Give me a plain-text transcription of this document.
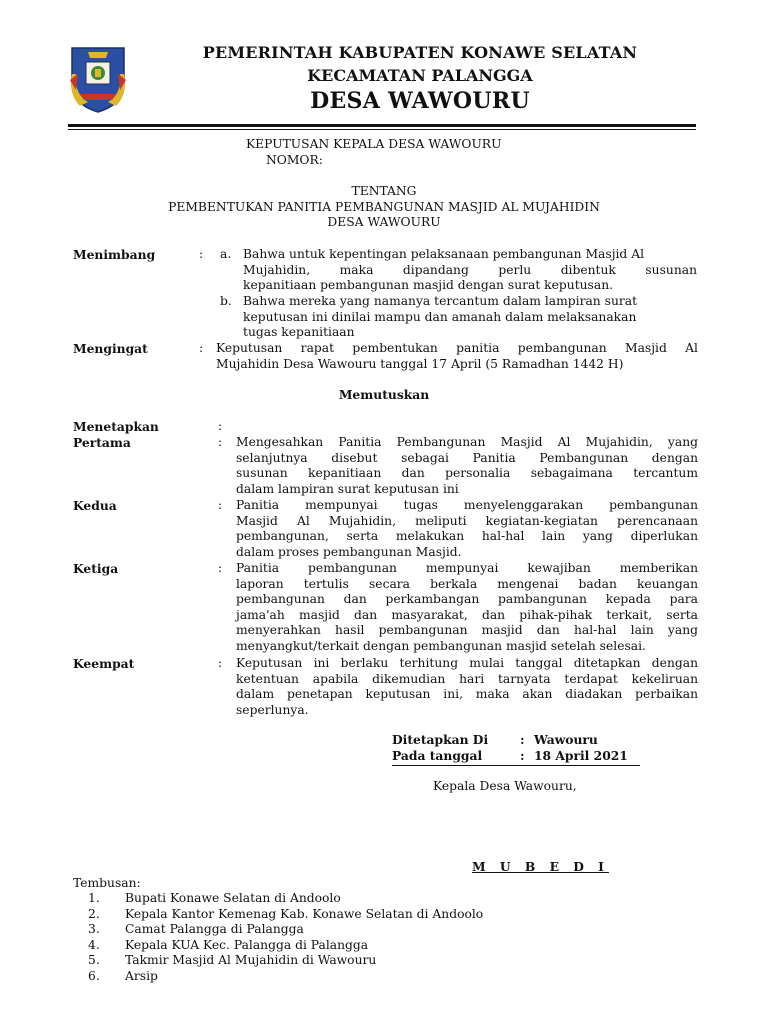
PEMERINTAH KABUPATEN KONAWE SELATAN
KECAMATAN PALANGGA
DESA WAWOURU
KEPUTUSAN KEPALA DESA WAWOURU
NOMOR:
TENTANG
PEMBENTUKAN PANITIA PEMBANGUNAN MASJID AL MUJAHIDIN
DESA WAWOURU
Menimbang	: a. Bahwa untuk kepentingan pelaksanaan pembangunan Masjid Al
Mujahidin, maka dipandang perlu dibentuk susunan
kepanitiaan pembangunan masjid dengan surat keputusan.
b. Bahwa mereka yang namanya tercantum dalam lampiran surat
keputusan ini dinilai mampu dan amanah dalam melaksanakan
tugas kepanitiaan
Mengingat	: Keputusan rapat pembentukan panitia pembangunan Masjid Al
Mujahidin Desa Wawouru tanggal 17 April (5 Ramadhan 1442 H)
Memutuskan
Menetapkan	:
Pertama	: Mengesahkan Panitia Pembangunan Masjid Al Mujahidin, yang
selanjutnya disebut sebagai Panitia Pembangunan dengan
susunan kepanitiaan dan personalia sebagaimana tercantum
dalam lampiran surat keputusan ini
Kedua	: Panitia mempunyai tugas menyelenggarakan pembangunan
Masjid Al Mujahidin, meliputi kegiatan-kegiatan perencanaan
pembangunan, serta melakukan hal-hal lain yang diperlukan
dalam proses pembangunan Masjid.
Ketiga	: Panitia pembangunan mempunyai kewajiban memberikan
laporan tertulis secara berkala mengenai badan keuangan
pembangunan dan perkambangan pambangunan kepada para
jama'ah masjid dan masyarakat, dan pihak-pihak terkait, serta
menyerahkan hasil pembangunan masjid dan hal-hal lain yang
menyangkut/terkait dengan pembangunan masjid setelah selesai.
Keempat	: Keputusan ini berlaku terhitung mulai tanggal ditetapkan dengan
ketentuan apabila dikemudian hari tarnyata terdapat kekeliruan
dalam penetapan keputusan ini, maka akan diadakan perbaikan
seperlunya.
Ditetapkan Di	: Wawouru
Pada tanggal	: 18 April 2021
Kepala Desa Wawouru,
M U B E D I
Tembusan:
1.	Bupati Konawe Selatan di Andoolo
2.	Kepala Kantor Kemenag Kab. Konawe Selatan di Andoolo
3.	Camat Palangga di Palangga
4.	Kepala KUA Kec. Palangga di Palangga
5.	Takmir Masjid Al Mujahidin di Wawouru
6.	Arsip
